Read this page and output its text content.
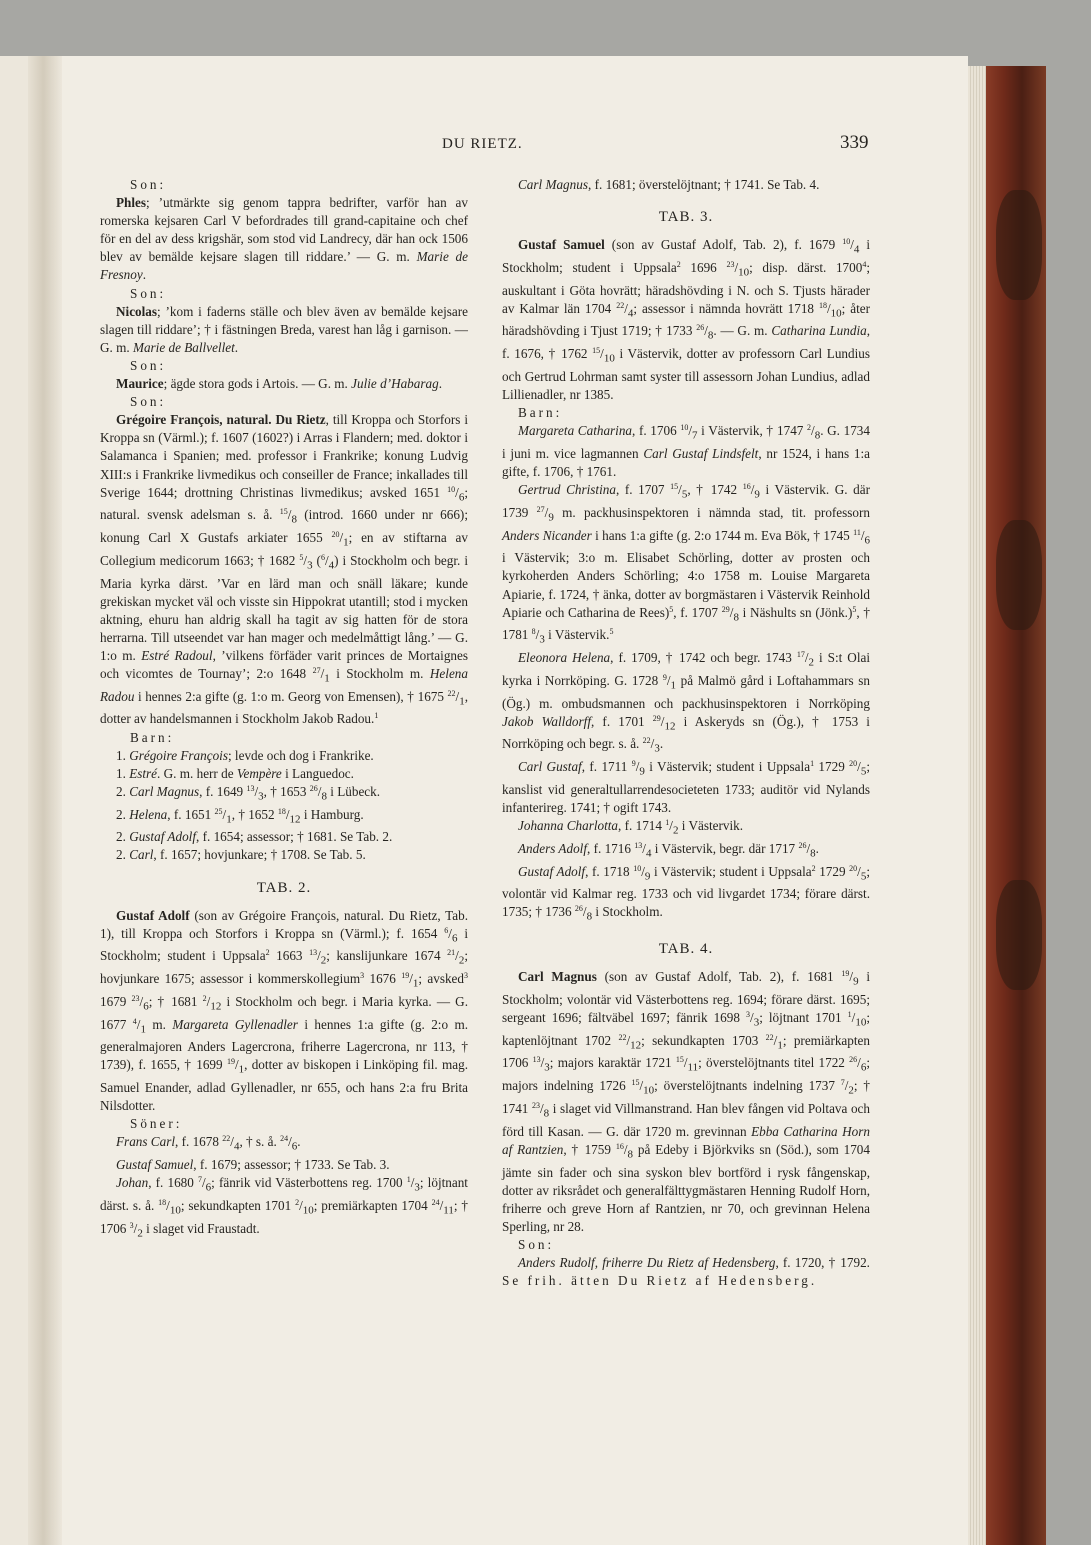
DU RIETZ.	339

Son:

Phles; ’utmärkte sig genom tappra bedrifter, varför han av romerska kejsaren Carl V befordrades till grand-capitaine och chef för en del av dess krigshär, som stod vid Landrecy, där han ock 1506 blev av bemälde kejsare slagen till riddare.’ — G. m. Marie de Fresnoy.

Son:

Nicolas; ’kom i faderns ställe och blev även av bemälde kejsare slagen till riddare’; † i fästningen Breda, varest han låg i garnison. — G. m. Marie de Ballvellet.

Son:

Maurice; ägde stora gods i Artois. — G. m. Julie d’Habarag.

Son:

Grégoire François, natural. Du Rietz, till Kroppa och Storfors i Kroppa sn (Värml.); f. 1607 (1602?) i Arras i Flandern; med. doktor i Salamanca i Spanien; med. professor i Frankrike; konung Ludvig XIII:s i Frankrike livmedikus och conseiller de France; inkallades till Sverige 1644; drottning Christinas livmedikus; avsked 1651 $^{10}/_6$; natural. svensk adelsman s. å. $^{15}/_8$ (introd. 1660 under nr 666); konung Carl X Gustafs arkiater 1655 $^{20}/_1$; en av stiftarna av Collegium medicorum 1663; † 1682 $^5/_3$ $(^6/_4)$ i Stockholm och begr. i Maria kyrka därst. ’Var en lärd man och snäll läkare; kunde grekiskan mycket väl och visste sin Hippokrat utantill; stod i mycken aktning, ehuru han aldrig skall ha tagit av sig hatten för de stora herrarna. Till utseendet var han mager och medelmåttigt lång.’ — G. 1:o m. Estré Radoul, ’vilkens förfäder varit princes de Mortaignes och vicomtes de Tournay’; 2:o 1648 $^{27}/_1$ i Stockholm m. Helena Radou i hennes 2:a gifte (g. 1:o m. Georg von Emensen), † 1675 $^{22}/_1$, dotter av handelsmannen i Stockholm Jakob Radou.$^1$

Barn:

1. Grégoire François; levde och dog i Frankrike.

1. Estré. G. m. herr de Vempère i Languedoc.

2. Carl Magnus, f. 1649 $^{13}/_3$, † 1653 $^{26}/_8$ i Lübeck.

2. Helena, f. 1651 $^{25}/_1$, † 1652 $^{18}/_{12}$ i Hamburg.

2. Gustaf Adolf, f. 1654; assessor; † 1681. Se Tab. 2.

2. Carl, f. 1657; hovjunkare; † 1708. Se Tab. 5.

TAB. 2.

Gustaf Adolf (son av Grégoire François, natural. Du Rietz, Tab. 1), till Kroppa och Storfors i Kroppa sn (Värml.); f. 1654 $^6/_6$ i Stockholm; student i Uppsala$^2$ 1663 $^{13}/_2$; kanslijunkare 1674 $^{21}/_2$; hovjunkare 1675; assessor i kommerskollegium$^3$ 1676 $^{19}/_1$; avsked$^3$ 1679 $^{23}/_6$; † 1681 $^2/_{12}$ i Stockholm och begr. i Maria kyrka. — G. 1677 $^4/_1$ m. Margareta Gyllenadler i hennes 1:a gifte (g. 2:o m. generalmajoren Anders Lagercrona, friherre Lagercrona, nr 113, † 1739), f. 1655, † 1699 $^{19}/_1$, dotter av biskopen i Linköping fil. mag. Samuel Enander, adlad Gyllenadler, nr 655, och hans 2:a fru Brita Nilsdotter.

Söner:

Frans Carl, f. 1678 $^{22}/_4$, † s. å. $^{24}/_6$.

Gustaf Samuel, f. 1679; assessor; † 1733. Se Tab. 3.

Johan, f. 1680 $^7/_6$; fänrik vid Västerbottens reg. 1700 $^1/_3$; löjtnant därst. s. å. $^{18}/_{10}$; sekundkapten 1701 $^2/_{10}$; premiärkapten 1704 $^{24}/_{11}$; † 1706 $^3/_2$ i slaget vid Fraustadt.

Carl Magnus, f. 1681; överstelöjtnant; † 1741. Se Tab. 4.

TAB. 3.

Gustaf Samuel (son av Gustaf Adolf, Tab. 2), f. 1679 $^{10}/_4$ i Stockholm; student i Uppsala$^2$ 1696 $^{23}/_{10}$; disp. därst. 1700$^4$; auskultant i Göta hovrätt; häradshövding i N. och S. Tjusts härader av Kalmar län 1704 $^{22}/_4$; assessor i nämnda hovrätt 1718 $^{18}/_{10}$; åter häradshövding i Tjust 1719; † 1733 $^{26}/_8$. — G. m. Catharina Lundia, f. 1676, † 1762 $^{15}/_{10}$ i Västervik, dotter av professorn Carl Lundius och Gertrud Lohrman samt syster till assessorn Johan Lundius, adlad Lillienadler, nr 1385.

Barn:

Margareta Catharina, f. 1706 $^{10}/_7$ i Västervik, † 1747 $^2/_8$. G. 1734 i juni m. vice lagmannen Carl Gustaf Lindsfelt, nr 1524, i hans 1:a gifte, f. 1706, † 1761.

Gertrud Christina, f. 1707 $^{15}/_5$, † 1742 $^{16}/_9$ i Västervik. G. där 1739 $^{27}/_9$ m. packhusinspektoren i nämnda stad, tit. professorn Anders Nicander i hans 1:a gifte (g. 2:o 1744 m. Eva Bök, † 1745 $^{11}/_6$ i Västervik; 3:o m. Elisabet Schörling, dotter av prosten och kyrkoherden Anders Schörling; 4:o 1758 m. Louise Margareta Apiarie, f. 1724, † änka, dotter av borgmästaren i Västervik Reinhold Apiarie och Catharina de Rees)$^5$, f. 1707 $^{29}/_8$ i Näshults sn (Jönk.)$^5$, † 1781 $^8/_3$ i Västervik.$^5$

Eleonora Helena, f. 1709, † 1742 och begr. 1743 $^{17}/_2$ i S:t Olai kyrka i Norrköping. G. 1728 $^9/_1$ på Malmö gård i Loftahammars sn (Ög.) m. ombudsmannen och packhusinspektoren i Norrköping Jakob Walldorff, f. 1701 $^{29}/_{12}$ i Askeryds sn (Ög.), † 1753 i Norrköping och begr. s. å. $^{22}/_3$.

Carl Gustaf, f. 1711 $^9/_9$ i Västervik; student i Uppsala$^1$ 1729 $^{20}/_5$; kanslist vid generaltullarrendesocieteten 1733; auditör vid Nylands infanterireg. 1741; † ogift 1743.

Johanna Charlotta, f. 1714 $^1/_2$ i Västervik.

Anders Adolf, f. 1716 $^{13}/_4$ i Västervik, begr. där 1717 $^{26}/_8$.

Gustaf Adolf, f. 1718 $^{10}/_9$ i Västervik; student i Uppsala$^2$ 1729 $^{20}/_5$; volontär vid Kalmar reg. 1733 och vid livgardet 1734; förare därst. 1735; † 1736 $^{26}/_8$ i Stockholm.

TAB. 4.

Carl Magnus (son av Gustaf Adolf, Tab. 2), f. 1681 $^{19}/_9$ i Stockholm; volontär vid Västerbottens reg. 1694; förare därst. 1695; sergeant 1696; fältväbel 1697; fänrik 1698 $^3/_3$; löjtnant 1701 $^1/_{10}$; kaptenlöjtnant 1702 $^{22}/_{12}$; sekundkapten 1703 $^{22}/_1$; premiärkapten 1706 $^{13}/_3$; majors karaktär 1721 $^{15}/_{11}$; överstelöjtnants titel 1722 $^{26}/_6$; majors indelning 1726 $^{15}/_{10}$; överstelöjtnants indelning 1737 $^7/_2$; † 1741 $^{23}/_8$ i slaget vid Villmanstrand. Han blev fången vid Poltava och förd till Kasan. — G. där 1720 m. grevinnan Ebba Catharina Horn af Rantzien, † 1759 $^{16}/_8$ på Edeby i Björkviks sn (Söd.), som 1704 jämte sin fader och sina syskon blev bortförd i rysk fångenskap, dotter av riksrådet och generalfälttygmästaren Henning Rudolf Horn, friherre och greve Horn af Rantzien, nr 70, och grevinnan Helena Sperling, nr 28.

Son:

Anders Rudolf, friherre Du Rietz af Hedensberg, f. 1720, † 1792. Se frih. ätten Du Rietz af Hedensberg.
